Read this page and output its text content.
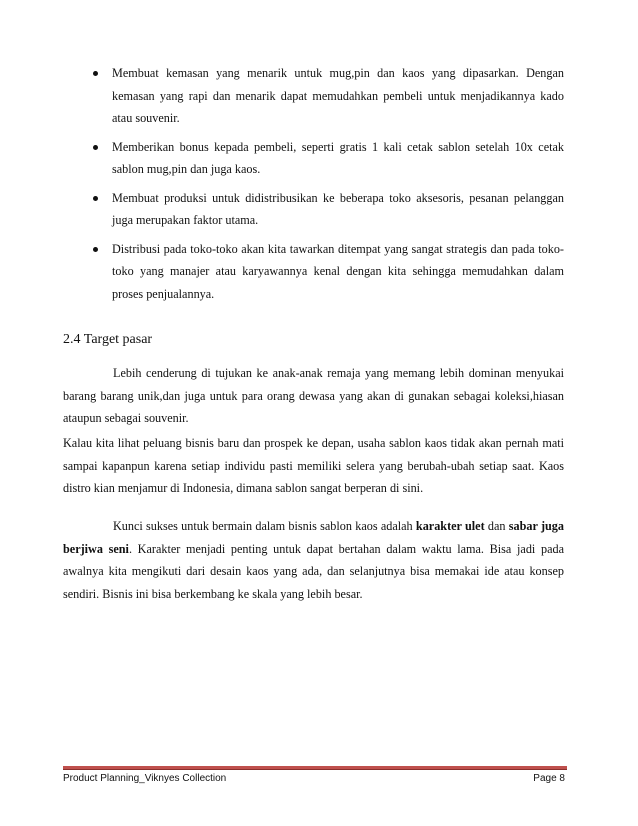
Membuat kemasan yang menarik untuk mug,pin dan kaos yang dipasarkan. Dengan kemasan yang rapi dan menarik dapat memudahkan pembeli untuk menjadikannya kado atau souvenir.
Memberikan bonus kepada pembeli, seperti gratis 1 kali cetak sablon setelah 10x cetak sablon mug,pin dan juga kaos.
Membuat produksi untuk didistribusikan ke beberapa toko aksesoris, pesanan pelanggan juga merupakan faktor utama.
Distribusi pada toko-toko akan kita tawarkan ditempat yang sangat strategis dan pada toko-toko yang manajer atau karyawannya kenal dengan kita sehingga memudahkan dalam proses penjualannya.
2.4 Target pasar

Lebih cenderung di tujukan ke anak-anak remaja yang memang lebih dominan menyukai barang barang unik,dan juga untuk para orang dewasa yang akan di gunakan sebagai koleksi,hiasan ataupun sebagai souvenir.

Kalau kita lihat peluang bisnis baru dan prospek ke depan, usaha sablon kaos tidak akan pernah mati sampai kapanpun karena setiap individu pasti memiliki selera yang berubah-ubah setiap saat. Kaos distro kian menjamur di Indonesia, dimana sablon sangat berperan di sini.

Kunci sukses untuk bermain dalam bisnis sablon kaos adalah karakter ulet dan sabar juga berjiwa seni. Karakter menjadi penting untuk dapat bertahan dalam waktu lama. Bisa jadi pada awalnya kita mengikuti dari desain kaos yang ada, dan selanjutnya bisa memakai ide atau konsep sendiri. Bisnis ini bisa berkembang ke skala yang lebih besar.

Product Planning_Viknyes Collection	Page 8
